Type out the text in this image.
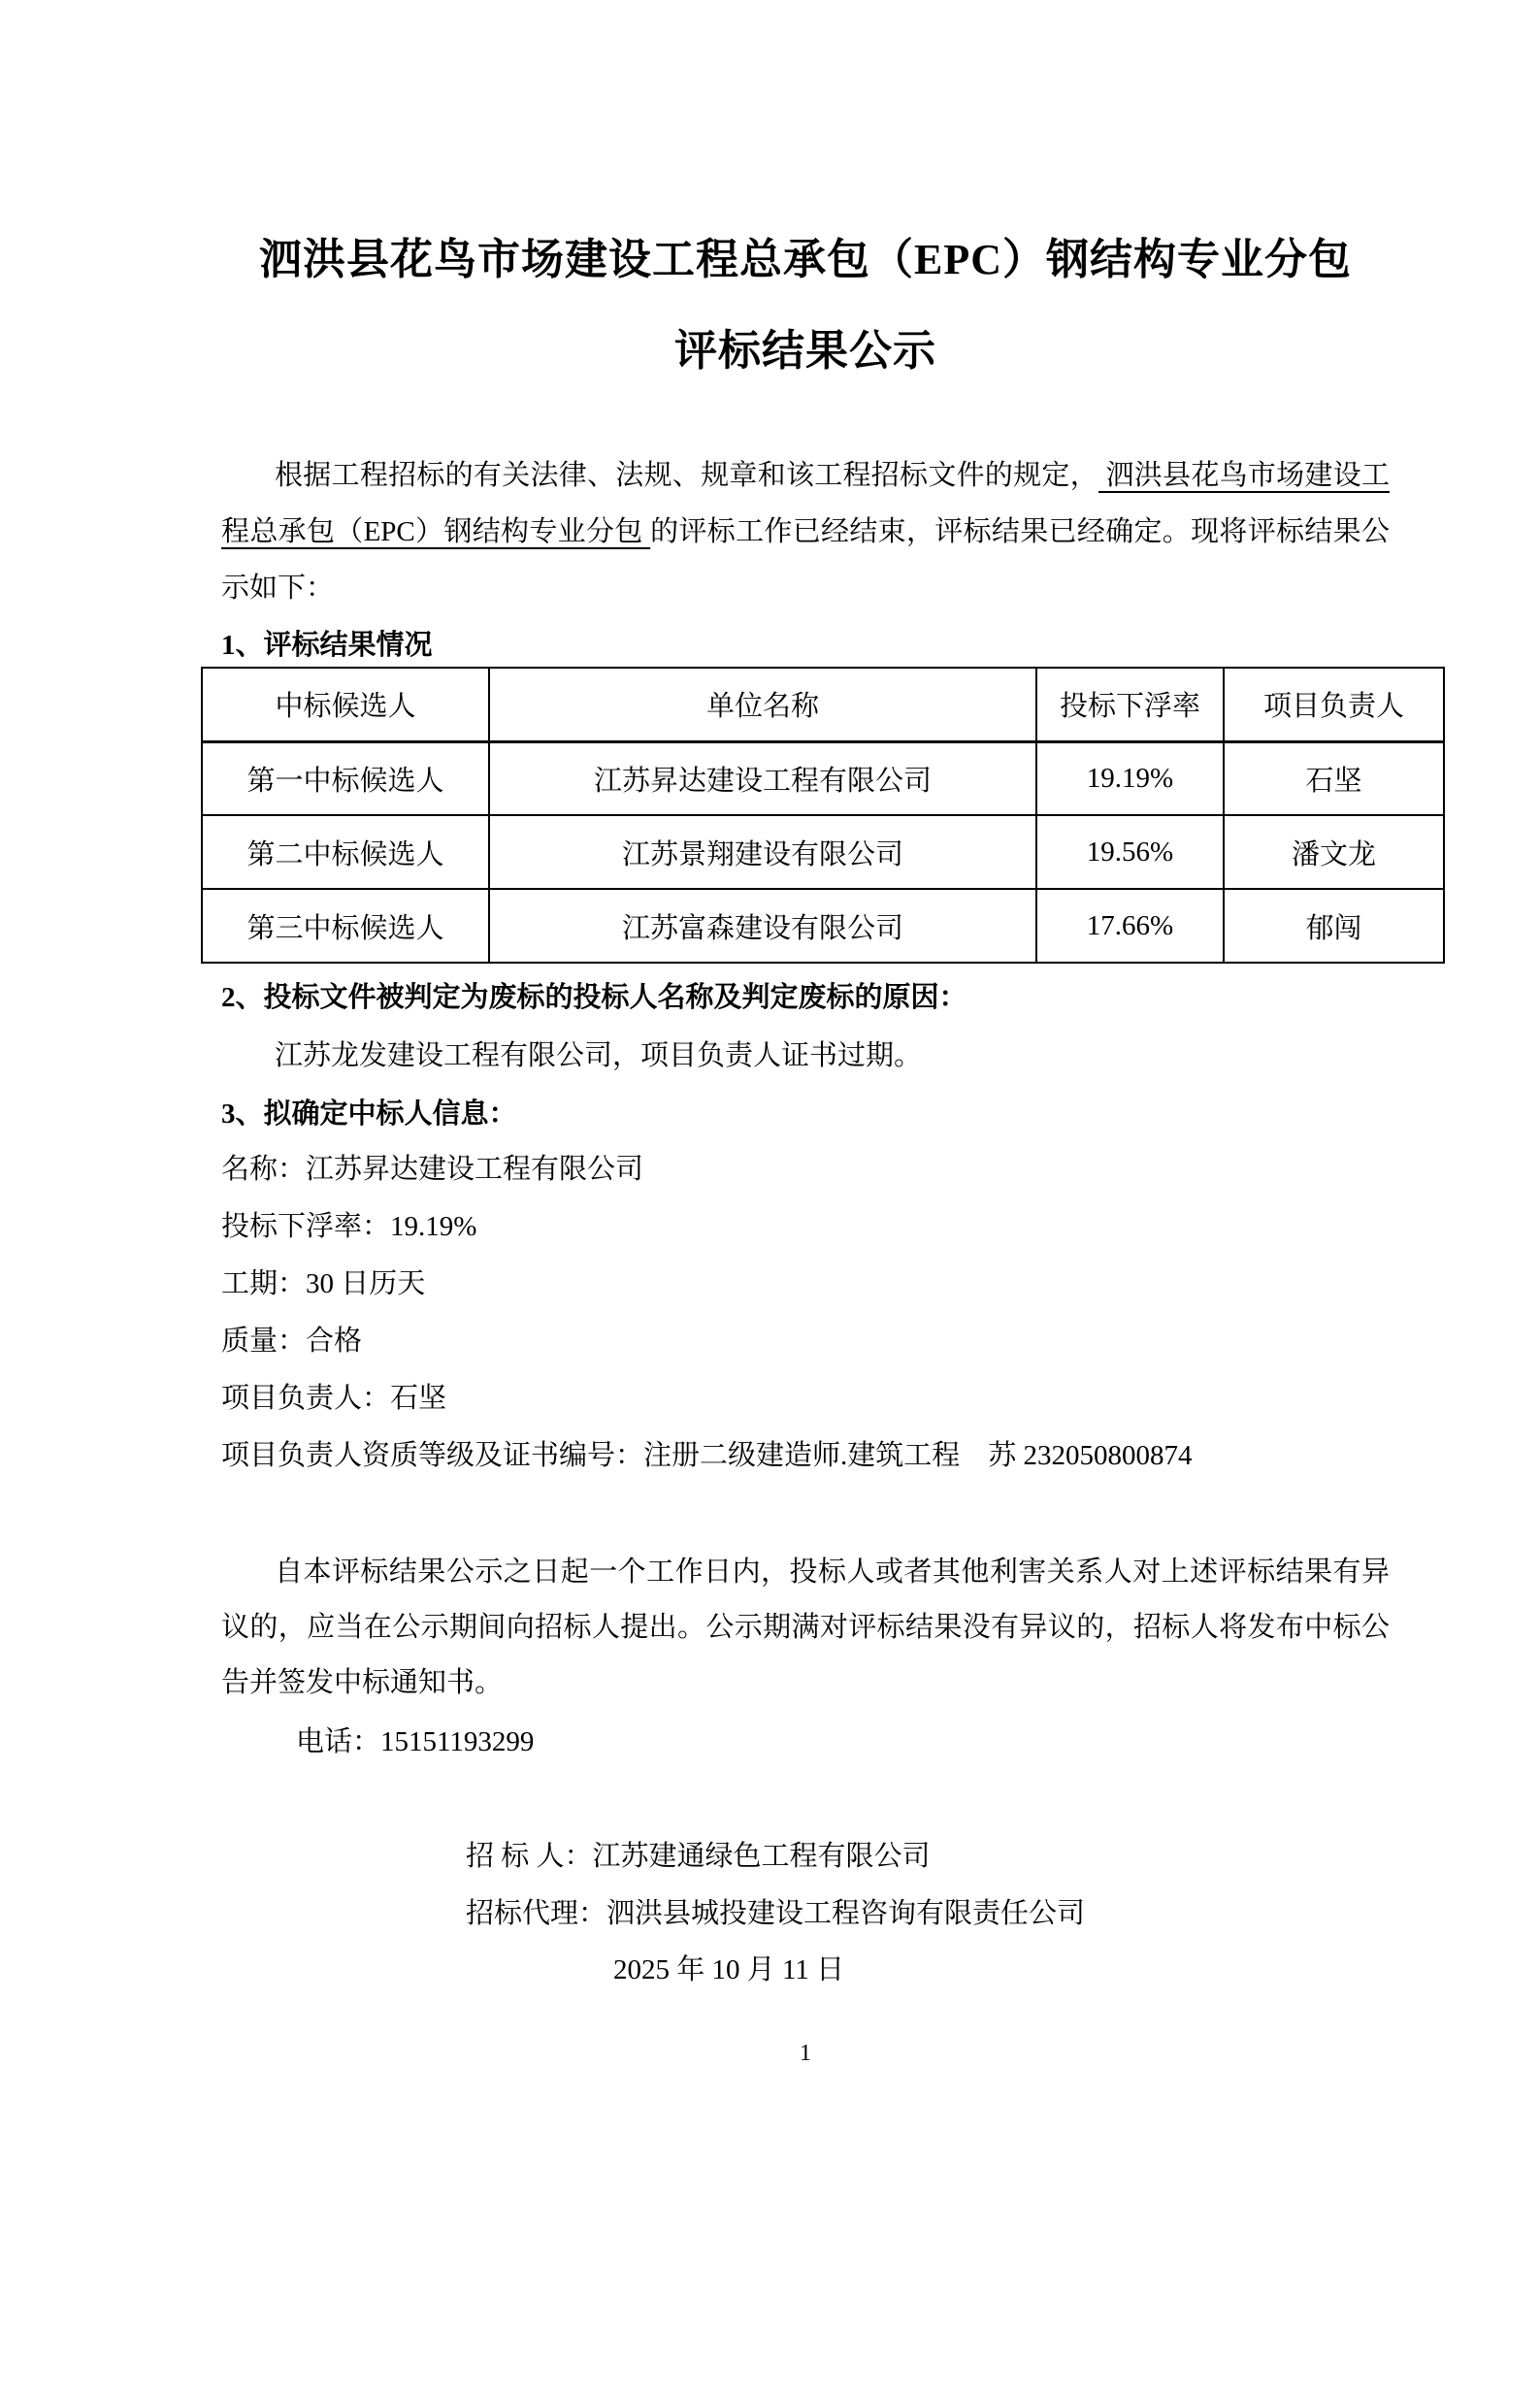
泗洪县花鸟市场建设工程总承包（EPC）钢结构专业分包
评标结果公示

根据工程招标的有关法律、法规、规章和该工程招标文件的规定， 泗洪县花鸟市场建设工程总承包（EPC）钢结构专业分包 的评标工作已经结束，评标结果已经确定。现将评标结果公示如下：

1、评标结果情况
中标候选人	单位名称	投标下浮率	项目负责人
第一中标候选人	江苏昇达建设工程有限公司	19.19%	石坚
第二中标候选人	江苏景翔建设有限公司	19.56%	潘文龙
第三中标候选人	江苏富森建设有限公司	17.66%	郁闯
2、投标文件被判定为废标的投标人名称及判定废标的原因：

江苏龙发建设工程有限公司，项目负责人证书过期。

3、拟确定中标人信息：
名称：江苏昇达建设工程有限公司
投标下浮率：19.19%
工期：30 日历天
质量：合格
项目负责人：石坚
项目负责人资质等级及证书编号：注册二级建造师.建筑工程　苏 232050800874

自本评标结果公示之日起一个工作日内，投标人或者其他利害关系人对上述评标结果有异议的，应当在公示期间向招标人提出。公示期满对评标结果没有异议的，招标人将发布中标公告并签发中标通知书。

电话：15151193299
招 标 人：江苏建通绿色工程有限公司
招标代理：泗洪县城投建设工程咨询有限责任公司
2025 年 10 月 11 日
1
